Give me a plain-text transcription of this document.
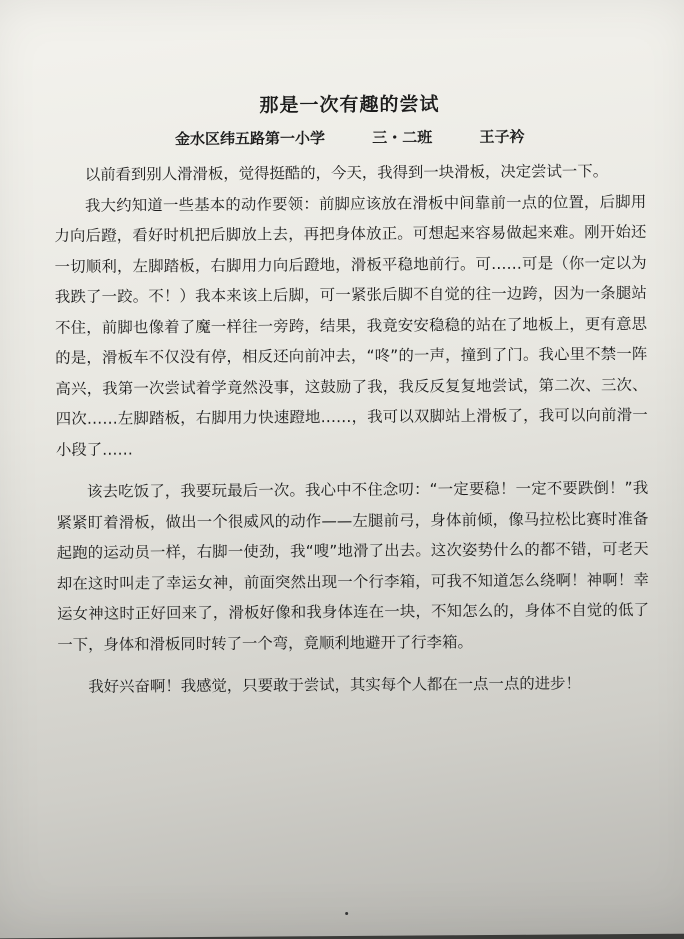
那是一次有趣的尝试
金水区纬五路第一小学	三・二班	王子衿

以前看到别人滑滑板，觉得挺酷的，今天，我得到一块滑板，决定尝试一下。

我大约知道一些基本的动作要领：前脚应该放在滑板中间靠前一点的位置，后脚用力向后蹬，看好时机把后脚放上去，再把身体放正。可想起来容易做起来难。刚开始还一切顺利，左脚踏板，右脚用力向后蹬地，滑板平稳地前行。可……可是（你一定以为我跌了一跤。不！）我本来该上后脚，可一紧张后脚不自觉的往一边跨，因为一条腿站不住，前脚也像着了魔一样往一旁跨，结果，我竟安安稳稳的站在了地板上，更有意思的是，滑板车不仅没有停，相反还向前冲去，“咚”的一声，撞到了门。我心里不禁一阵高兴，我第一次尝试着学竟然没事，这鼓励了我，我反反复复地尝试，第二次、三次、四次……左脚踏板，右脚用力快速蹬地……，我可以双脚站上滑板了，我可以向前滑一小段了……

该去吃饭了，我要玩最后一次。我心中不住念叨：“一定要稳！一定不要跌倒！”我紧紧盯着滑板，做出一个很威风的动作——左腿前弓，身体前倾，像马拉松比赛时准备起跑的运动员一样，右脚一使劲，我“嗖”地滑了出去。这次姿势什么的都不错，可老天却在这时叫走了幸运女神，前面突然出现一个行李箱，可我不知道怎么绕啊！神啊！幸运女神这时正好回来了，滑板好像和我身体连在一块，不知怎么的，身体不自觉的低了一下，身体和滑板同时转了一个弯，竟顺利地避开了行李箱。

我好兴奋啊！我感觉，只要敢于尝试，其实每个人都在一点一点的进步！
